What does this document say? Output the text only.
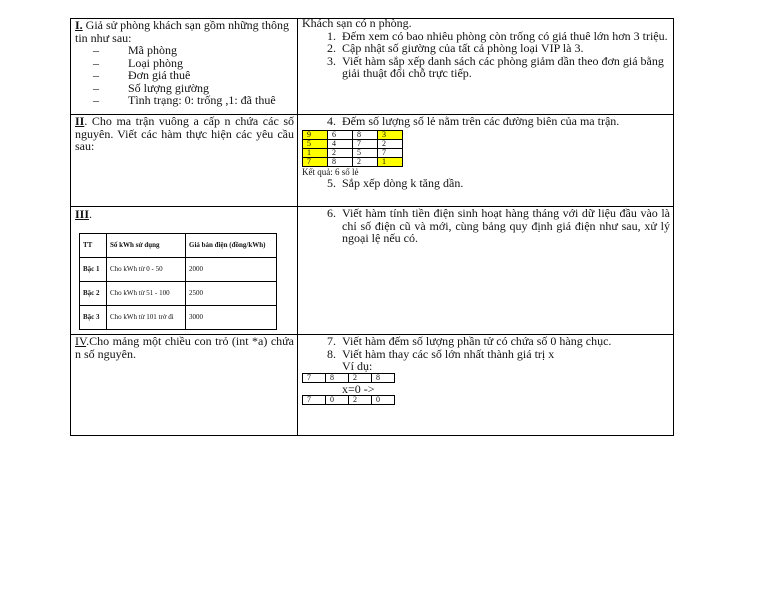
I. Giả sử phòng khách sạn gồm những thông tin như sau:
–	Mã phòng
–	Loại phòng
–	Đơn giá thuê
–	Số lượng giường
–	Tình trạng: 0: trống ,1: đã thuê

Khách sạn có n phòng.
1. Đếm xem có bao nhiêu phòng còn trống có giá thuê lớn hơn 3 triệu.
2. Cập nhật số giường của tất cả phòng loại VIP là 3.
3. Viết hàm sắp xếp danh sách các phòng giảm dần theo đơn giá bằng giải thuật đổi chỗ trực tiếp.

II. Cho ma trận vuông a cấp n chứa các số nguyên. Viết các hàm thực hiện các yêu cầu sau:	
4. Đếm số lượng số lẻ nằm trên các đường biên của ma trận.
9	6	8	3
5	4	7	2
1	2	5	7
7	8	2	1
Kết quả: 6 số lẻ
5. Sắp xếp dòng k tăng dần.

III.
TT	Số kWh sử dụng	Giá bán điện (đồng/kWh)
Bậc 1	Cho kWh từ 0 - 50	2000
Bậc 2	Cho kWh từ 51 - 100	2500
Bậc 3	Cho kWh từ 101 trở đi	3000

6. Viết hàm tính tiền điện sinh hoạt hàng tháng với dữ liệu đầu vào là chỉ số điện cũ và mới, cùng bảng quy định giá điện như sau, xử lý ngoại lệ nếu có.

IV.Cho mảng một chiều con trỏ (int *a) chứa n số nguyên.	
7. Viết hàm đếm số lượng phần tử có chứa số 0 hàng chục.
8. Viết hàm thay các số lớn nhất thành giá trị x
Ví dụ:
7	8	2	8
x=0 ->
7	0	2	0
